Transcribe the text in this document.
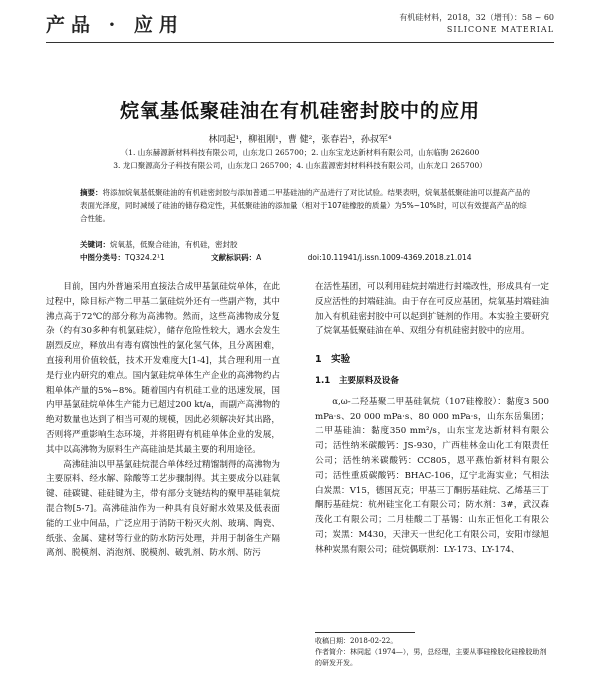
产品 · 应用	有机硅材料，2018，32（增刊）：58 ~ 60
SILICONE MATERIAL
烷氧基低聚硅油在有机硅密封胶中的应用
林同起¹，柳祖刚¹，曹 健²，张春岩³，孙叔军⁴
（1. 山东赫源新材料科技有限公司，山东龙口 265700；2. 山东宝龙达新材料有限公司，山东临朐 262600
3. 龙口聚源高分子科技有限公司，山东龙口 265700；4. 山东蓝源密封材料科技有限公司，山东龙口 265700）
摘要：将添加烷氧基低聚硅油的有机硅密封胶与添加普通二甲基硅油的产品进行了对比试验。结果表明，烷氧基低聚硅油可以提高产品的表面光泽度，同时减缓了硅油的储存稳定性，其低聚硅油的添加量（相对于107硅橡胶的质量）为5%~10%时，可以有效提高产品的综合性能。
关键词：烷氧基，低聚合硅油，有机硅，密封胶
中图分类号：TQ324.2¹1	文献标识码：A	doi:10.11941/j.issn.1009-4369.2018.z1.014

目前，国内外普遍采用直接法合成甲基氯硅烷单体，在此过程中，除目标产物二甲基二氯硅烷外还有一些副产物，其中沸点高于72℃的部分称为高沸物。然而，这些高沸物成分复杂（约有30多种有机氯硅烷），储存危险性较大，遇水会发生剧烈反应，释放出有毒有腐蚀性的氯化氢气体，且分离困难，直接利用价值较低，技术开发难度大[1-4]，其合理利用一直是行业内研究的难点。国内氯硅烷单体生产企业的高沸物约占粗单体产量的5%~8%。随着国内有机硅工业的迅速发展，国内甲基氯硅烷单体生产能力已超过200 kt/a，而副产高沸物的绝对数量也达到了相当可观的规模，因此必须解决好其出路，否则将严重影响生态环境，并将阻碍有机硅单体企业的发展，其中以高沸物为原料生产高硅油是其最主要的利用途径。

高沸硅油以甲基氯硅烷混合单体经过精馏制得的高沸物为主要原料、经水解、除酸等工艺步骤制得。其主要成分以硅氧键、硅碳键、硅硅键为主，带有部分支链结构的聚甲基硅氧烷混合物[5-7]。高沸硅油作为一种具有良好耐水效果及低表面能的工业中间品，广泛应用于消防干粉灭火剂、玻璃、陶瓷、纸张、金属、建材等行业的防水防污处理，并用于制备生产隔离剂、脱模剂、消泡剂、脱模剂、破乳剂、防水剂、防污

在活性基团，可以利用硅烷封端进行封端改性，形成具有一定反应活性的封端硅油。由于存在可反应基团，烷氧基封端硅油加入有机硅密封胶中可以起到扩链剂的作用。本实验主要研究了烷氧基低聚硅油在单、双组分有机硅密封胶中的应用。

1　实验
1.1　主要原料及设备

α,ω-二羟基聚二甲基硅氧烷（107硅橡胶）：黏度3 500 mPa·s、20 000 mPa·s、80 000 mPa·s，山东东岳集团；二甲基硅油：黏度350 mm²/s，山东宝龙达新材料有限公司；活性纳米碳酸钙：JS-930，广西桂林金山化工有限责任公司；活性纳米碳酸钙：CC805，恩平燕怡新材料有限公司；活性重质碳酸钙：BHAC-106，辽宁北海实业；气相法白炭黑：V15，德国瓦克；甲基三丁酮肟基硅烷、乙烯基三丁酮肟基硅烷：杭州硅宝化工有限公司；防水剂：3#，武汉森茂化工有限公司；二月桂酸二丁基锡：山东正恒化工有限公司；炭黑：M430，天津天一世纪化工有限公司，安阳市绿旭林种炭黑有限公司；硅烷偶联剂：LY-173、LY-174、

收稿日期：2018-02-22。
作者简介：林同起（1974—），男，总经理，主要从事硅橡胶化硅橡胶助剂的研发开发。
